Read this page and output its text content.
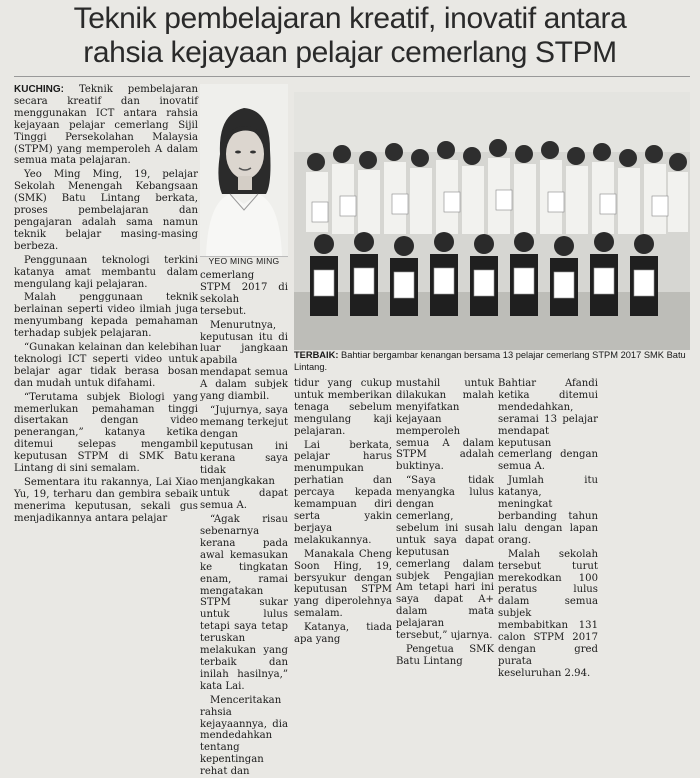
Teknik pembelajaran kreatif, inovatif antara
rahsia kejayaan pelajar cemerlang STPM

KUCHING: Teknik pembelajaran secara kreatif dan inovatif menggunakan ICT antara rahsia kejayaan pelajar cemerlang Sijil Tinggi Persekolahan Malaysia (STPM) yang memperoleh A dalam semua mata pelajaran.

Yeo Ming Ming, 19, pelajar Sekolah Menengah Kebangsaan (SMK) Batu Lintang berkata, proses pembelajaran dan pengajaran adalah sama namun teknik belajar masing-masing berbeza.

Penggunaan teknologi terkini katanya amat membantu dalam mengulang kaji pelajaran.

Malah penggunaan teknik berlainan seperti video ilmiah juga menyumbang kepada pemahaman terhadap subjek pelajaran.

“Gunakan kelainan dan kelebihan teknologi ICT seperti video untuk belajar agar tidak berasa bosan dan mudah untuk difahami.

“Terutama subjek Biologi yang memerlukan pemahaman tinggi disertakan dengan video penerangan,” katanya ketika ditemui selepas mengambil keputusan STPM di SMK Batu Lintang di sini semalam.

Sementara itu rakannya, Lai Xiao Yu, 19, terharu dan gembira sebaik menerima keputusan, sekali gus menjadikannya antara pelajar

YEO MING MING

cemerlang STPM 2017 di sekolah tersebut.

Menurutnya, keputusan itu di luar jangkaan apabila mendapat semua A dalam subjek yang diambil.

“Jujurnya, saya memang terkejut dengan keputusan ini kerana saya tidak menjangkakan untuk dapat semua A.

“Agak risau sebenarnya kerana pada awal kemasukan ke tingkatan enam, ramai mengatakan STPM sukar untuk lulus tetapi saya tetap teruskan melakukan yang terbaik dan inilah hasilnya,” kata Lai.

Menceritakan rahsia kejayaannya, dia mendedahkan tentang kepentingan rehat dan

TERBAIK: Bahtiar bergambar kenangan bersama 13 pelajar cemerlang STPM 2017 SMK Batu Lintang.

tidur yang cukup untuk memberikan tenaga sebelum mengulang kaji pelajaran.

Lai berkata, pelajar harus menumpukan perhatian dan percaya kepada kemampuan diri serta yakin berjaya melakukannya.

Manakala Cheng Soon Hing, 19, bersyukur dengan keputusan STPM yang diperolehnya semalam.

Katanya, tiada apa yang

mustahil untuk dilakukan malah menyifatkan kejayaan memperoleh semua A dalam STPM adalah buktinya.

“Saya tidak menyangka lulus dengan cemerlang, sebelum ini susah untuk saya dapat keputusan cemerlang dalam subjek Pengajian Am tetapi hari ini saya dapat A+ dalam mata pelajaran tersebut,” ujarnya.

Pengetua SMK Batu Lintang

Bahtiar Afandi ketika ditemui mendedahkan, seramai 13 pelajar mendapat keputusan cemerlang dengan semua A.

Jumlah itu katanya, meningkat berbanding tahun lalu dengan lapan orang.

Malah sekolah tersebut turut merekodkan 100 peratus lulus dalam semua subjek membabitkan 131 calon STPM 2017 dengan gred purata keseluruhan 2.94.
